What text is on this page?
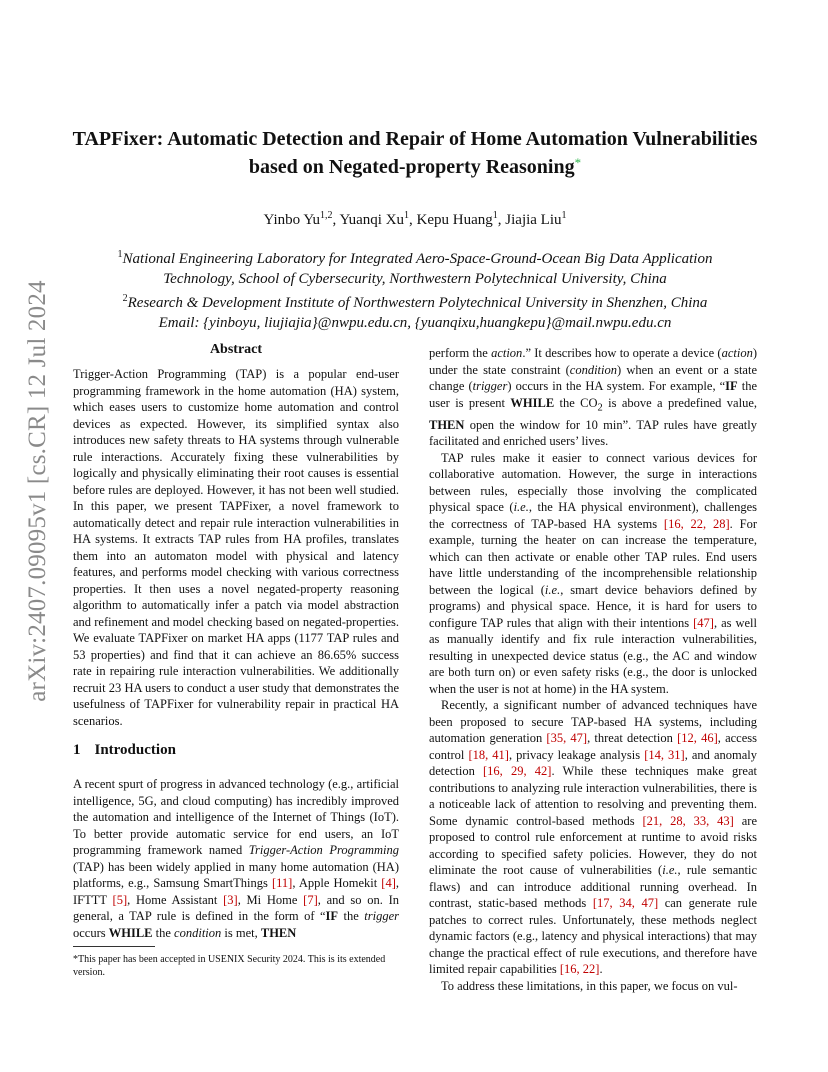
arXiv:2407.09095v1 [cs.CR] 12 Jul 2024
TAPFixer: Automatic Detection and Repair of Home Automation Vulnerabilities
based on Negated-property Reasoning*
Yinbo Yu$^{1,2}$, Yuanqi Xu$^1$, Kepu Huang$^1$, Jiajia Liu$^1$
$^1$National Engineering Laboratory for Integrated Aero-Space-Ground-Ocean Big Data Application
Technology, School of Cybersecurity, Northwestern Polytechnical University, China
$^2$Research & Development Institute of Northwestern Polytechnical University in Shenzhen, China
Email: {yinboyu, liujiajia}@nwpu.edu.cn, {yuanqixu,huangkepu}@mail.nwpu.edu.cn
Abstract

Trigger-Action Programming (TAP) is a popular end-user programming framework in the home automation (HA) system, which eases users to customize home automation and control devices as expected. However, its simplified syntax also introduces new safety threats to HA systems through vulnerable rule interactions. Accurately fixing these vulnerabilities by logically and physically eliminating their root causes is essential before rules are deployed. However, it has not been well studied. In this paper, we present TAPFixer, a novel framework to automatically detect and repair rule interaction vulnerabilities in HA systems. It extracts TAP rules from HA profiles, translates them into an automaton model with physical and latency features, and performs model checking with various correctness properties. It then uses a novel negated-property reasoning algorithm to automatically infer a patch via model abstraction and refinement and model checking based on negated-properties. We evaluate TAPFixer on market HA apps (1177 TAP rules and 53 properties) and find that it can achieve an 86.65% success rate in repairing rule interaction vulnerabilities. We additionally recruit 23 HA users to conduct a user study that demonstrates the usefulness of TAPFixer for vulnerability repair in practical HA scenarios.

1 Introduction

A recent spurt of progress in advanced technology (e.g., artificial intelligence, 5G, and cloud computing) has incredibly improved the automation and intelligence of the Internet of Things (IoT). To better provide automatic service for end users, an IoT programming framework named Trigger-Action Programming (TAP) has been widely applied in many home automation (HA) platforms, e.g., Samsung SmartThings [11], Apple Homekit [4], IFTTT [5], Home Assistant [3], Mi Home [7], and so on. In general, a TAP rule is defined in the form of “IF the trigger occurs WHILE the condition is met, THEN

*This paper has been accepted in USENIX Security 2024. This is its extended version.

perform the action.” It describes how to operate a device (action) under the state constraint (condition) when an event or a state change (trigger) occurs in the HA system. For example, “IF the user is present WHILE the $CO_2$ is above a predefined value, THEN open the window for 10 min”. TAP rules have greatly facilitated and enriched users’ lives.

TAP rules make it easier to connect various devices for collaborative automation. However, the surge in interactions between rules, especially those involving the complicated physical space (i.e., the HA physical environment), challenges the correctness of TAP-based HA systems [16, 22, 28]. For example, turning the heater on can increase the temperature, which can then activate or enable other TAP rules. End users have little understanding of the incomprehensible relationship between the logical (i.e., smart device behaviors defined by programs) and physical space. Hence, it is hard for users to configure TAP rules that align with their intentions [47], as well as manually identify and fix rule interaction vulnerabilities, resulting in unexpected device status (e.g., the AC and window are both turn on) or even safety risks (e.g., the door is unlocked when the user is not at home) in the HA system.

Recently, a significant number of advanced techniques have been proposed to secure TAP-based HA systems, including automation generation [35, 47], threat detection [12, 46], access control [18, 41], privacy leakage analysis [14, 31], and anomaly detection [16, 29, 42]. While these techniques make great contributions to analyzing rule interaction vulnerabilities, there is a noticeable lack of attention to resolving and preventing them. Some dynamic control-based methods [21, 28, 33, 43] are proposed to control rule enforcement at runtime to avoid risks according to specified safety policies. However, they do not eliminate the root cause of vulnerabilities (i.e., rule semantic flaws) and can introduce additional running overhead. In contrast, static-based methods [17, 34, 47] can generate rule patches to correct rules. Unfortunately, these methods neglect dynamic factors (e.g., latency and physical interactions) that may change the practical effect of rule executions, and therefore have limited repair capabilities [16, 22].

To address these limitations, in this paper, we focus on vul-
